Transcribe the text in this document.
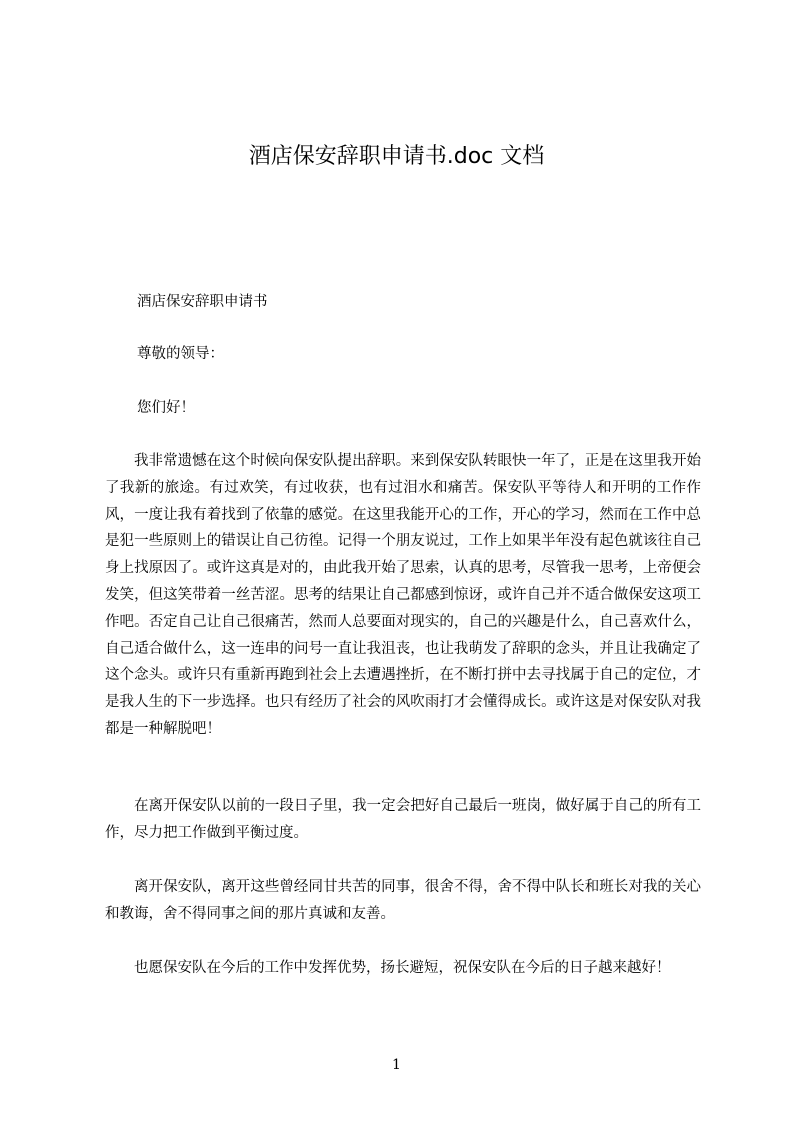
酒店保安辞职申请书.doc 文档
酒店保安辞职申请书
尊敬的领导：
您们好！

我非常遗憾在这个时候向保安队提出辞职。来到保安队转眼快一年了，正是在这里我开始了我新的旅途。有过欢笑，有过收获，也有过泪水和痛苦。保安队平等待人和开明的工作作风，一度让我有着找到了依靠的感觉。在这里我能开心的工作，开心的学习，然而在工作中总是犯一些原则上的错误让自己彷徨。记得一个朋友说过，工作上如果半年没有起色就该往自己身上找原因了。或许这真是对的，由此我开始了思索，认真的思考，尽管我一思考，上帝便会发笑，但这笑带着一丝苦涩。思考的结果让自己都感到惊讶，或许自己并不适合做保安这项工作吧。否定自己让自己很痛苦，然而人总要面对现实的，自己的兴趣是什么，自己喜欢什么，自己适合做什么，这一连串的问号一直让我沮丧，也让我萌发了辞职的念头，并且让我确定了这个念头。或许只有重新再跑到社会上去遭遇挫折，在不断打拼中去寻找属于自己的定位，才是我人生的下一步选择。也只有经历了社会的风吹雨打才会懂得成长。或许这是对保安队对我都是一种解脱吧！

在离开保安队以前的一段日子里，我一定会把好自己最后一班岗，做好属于自己的所有工作，尽力把工作做到平衡过度。

离开保安队，离开这些曾经同甘共苦的同事，很舍不得，舍不得中队长和班长对我的关心和教诲，舍不得同事之间的那片真诚和友善。

也愿保安队在今后的工作中发挥优势，扬长避短，祝保安队在今后的日子越来越好！

1
